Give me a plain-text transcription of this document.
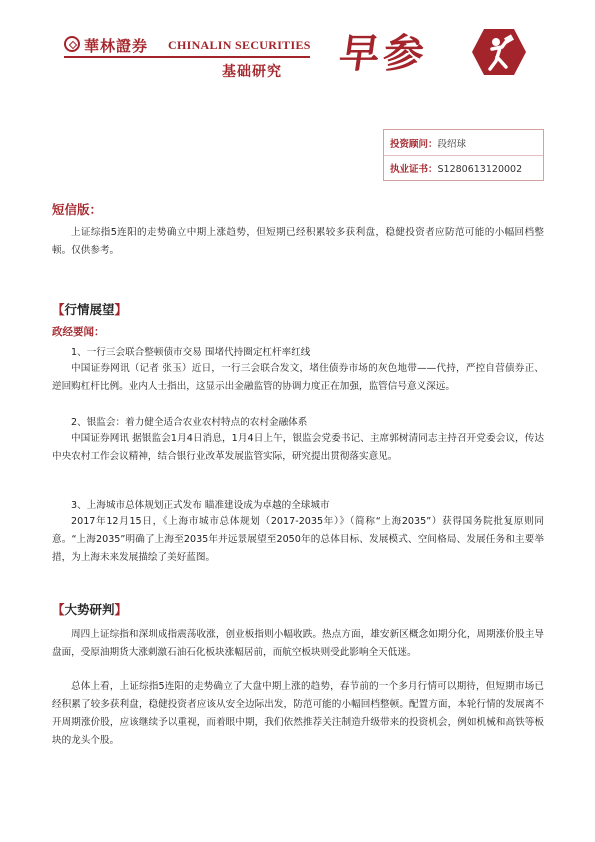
華林證券 CHINALIN SECURITIES
基础研究 早参
投资顾问：段绍球
执业证书：S1280613120002
短信版：
上证综指5连阳的走势确立中期上涨趋势，但短期已经积累较多获利盘，稳健投资者应防范可能的小幅回档整顿。仅供参考。
【行情展望】
政经要闻：
1、一行三会联合整顿债市交易 围堵代持圈定杠杆率红线
中国证券网讯（记者 张玉）近日，一行三会联合发文，堵住债券市场的灰色地带——代持，严控自营债券正、逆回购杠杆比例。业内人士指出，这显示出金融监管的协调力度正在加强，监管信号意义深远。
2、银监会：着力健全适合农业农村特点的农村金融体系
中国证券网讯 据银监会1月4日消息，1月4日上午，银监会党委书记、主席郭树清同志主持召开党委会议，传达中央农村工作会议精神，结合银行业改革发展监管实际，研究提出贯彻落实意见。
3、上海城市总体规划正式发布 瞄准建设成为卓越的全球城市
2017年12月15日，《上海市城市总体规划（2017-2035年）》（简称“上海2035”）获得国务院批复原则同意。“上海2035”明确了上海至2035年并远景展望至2050年的总体目标、发展模式、空间格局、发展任务和主要举措，为上海未来发展描绘了美好蓝图。
【大势研判】
周四上证综指和深圳成指震荡收涨，创业板指则小幅收跌。热点方面，雄安新区概念如期分化，周期涨价股主导盘面，受原油期货大涨刺激石油石化板块涨幅居前，而航空板块则受此影响全天低迷。
总体上看，上证综指5连阳的走势确立了大盘中期上涨的趋势，春节前的一个多月行情可以期待，但短期市场已经积累了较多获利盘，稳健投资者应该从安全边际出发，防范可能的小幅回档整顿。配置方面，本轮行情的发展离不开周期涨价股，应该继续予以重视，而着眼中期，我们依然推荐关注制造升级带来的投资机会，例如机械和高铁等板块的龙头个股。
